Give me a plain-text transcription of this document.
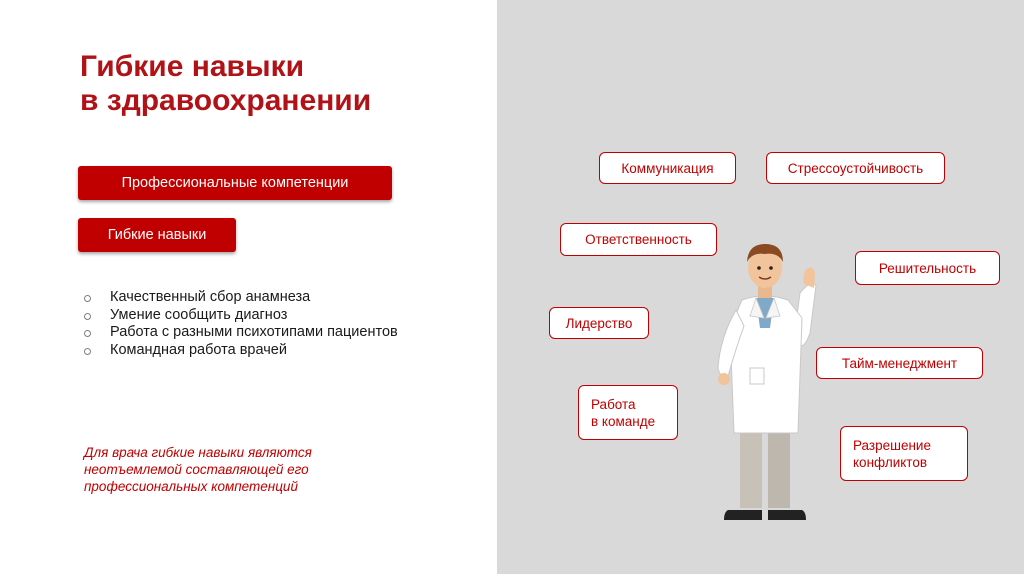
Гибкие навыки
в здравоохранении
Профессиональные компетенции
Гибкие навыки
Качественный сбор анамнеза
Умение сообщить диагноз
Работа с разными психотипами пациентов
Командная работа врачей

Для врача гибкие навыки являются
неотъемлемой составляющей его
профессиональных компетенций

Коммуникация	Стрессоустойчивость
Ответственность
Решительность
Лидерство
Тайм-менеджмент
Работа
в команде
Разрешение
конфликтов
